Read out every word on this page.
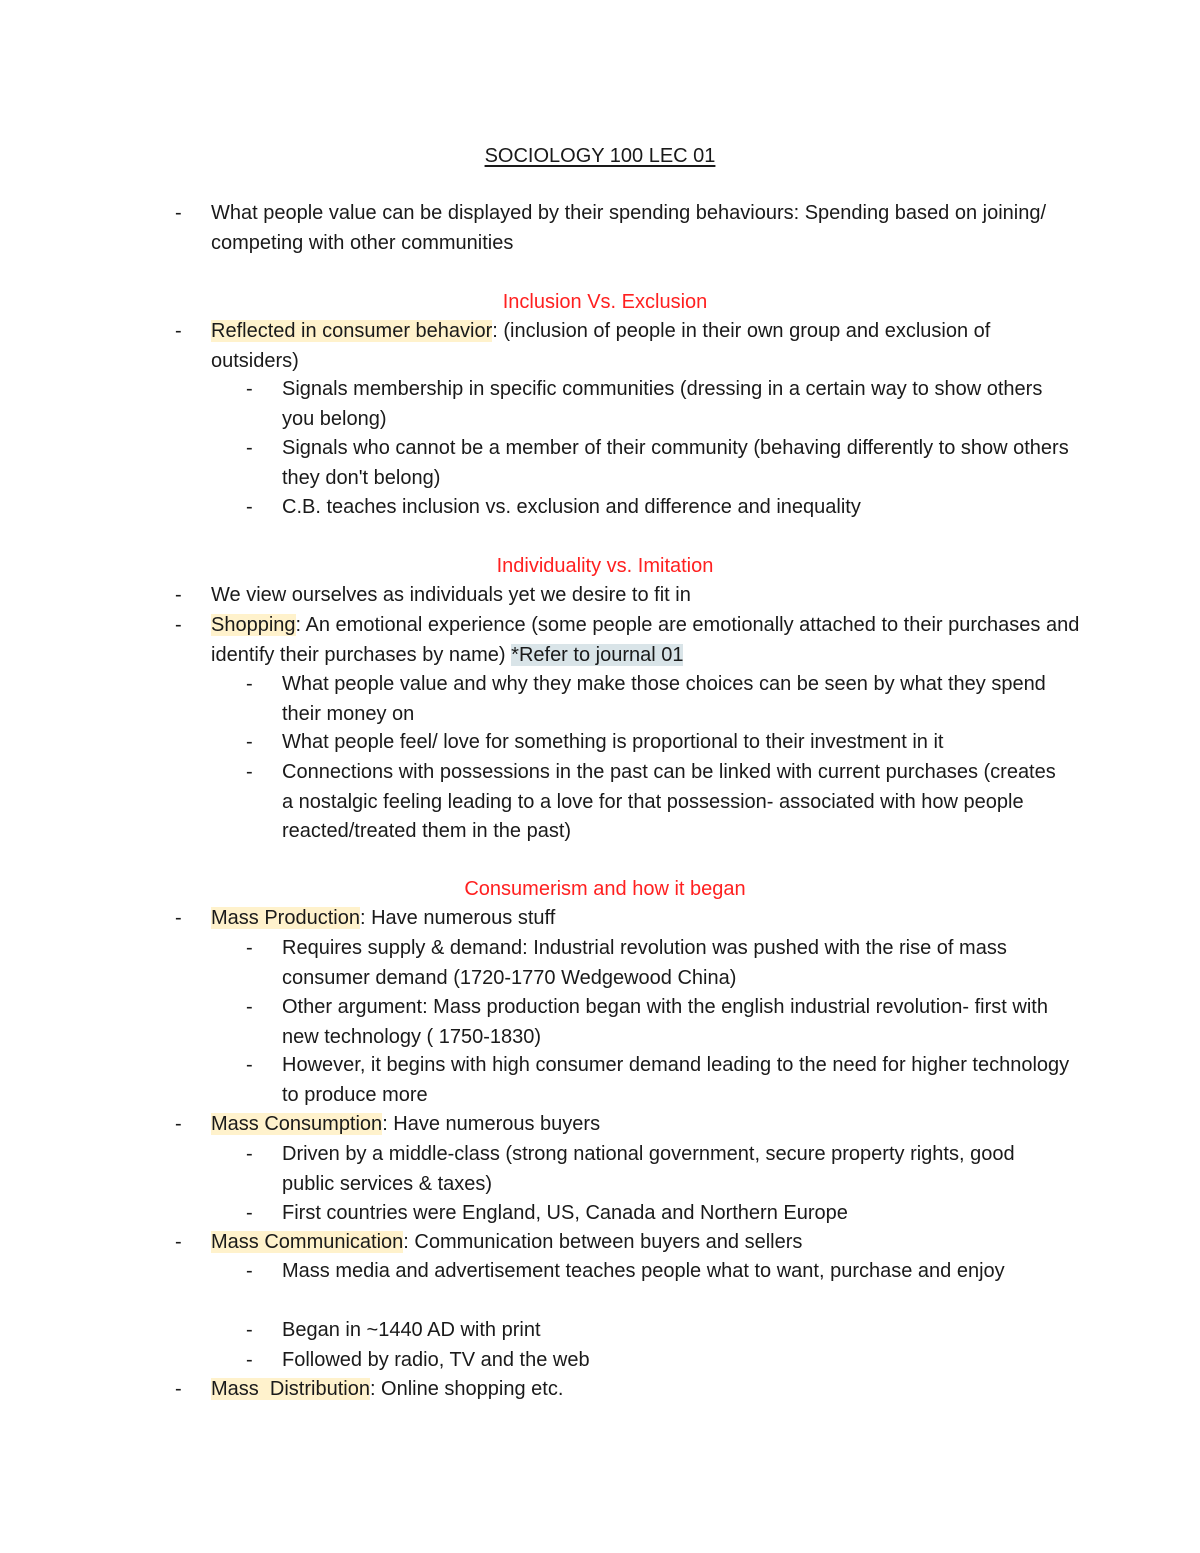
SOCIOLOGY 100 LEC 01
-	What people value can be displayed by their spending behaviours: Spending based on joining/ competing with other communities
Inclusion Vs. Exclusion
-	Reflected in consumer behavior: (inclusion of people in their own group and exclusion of outsiders)
-	Signals membership in specific communities (dressing in a certain way to show others you belong)
-	Signals who cannot be a member of their community (behaving differently to show others they don't belong)
-	C.B. teaches inclusion vs. exclusion and difference and inequality
Individuality vs. Imitation
-	We view ourselves as individuals yet we desire to fit in
-	Shopping: An emotional experience (some people are emotionally attached to their purchases and identify their purchases by name) *Refer to journal 01
-	What people value and why they make those choices can be seen by what they spend their money on
-	What people feel/ love for something is proportional to their investment in it
-	Connections with possessions in the past can be linked with current purchases (creates a nostalgic feeling leading to a love for that possession- associated with how people reacted/treated them in the past)
Consumerism and how it began
-	Mass Production: Have numerous stuff
-	Requires supply & demand: Industrial revolution was pushed with the rise of mass consumer demand (1720-1770 Wedgewood China)
-	Other argument: Mass production began with the english industrial revolution- first with new technology ( 1750-1830)
-	However, it begins with high consumer demand leading to the need for higher technology to produce more
-	Mass Consumption: Have numerous buyers
-	Driven by a middle-class (strong national government, secure property rights, good public services & taxes)
-	First countries were England, US, Canada and Northern Europe
-	Mass Communication: Communication between buyers and sellers
-	Mass media and advertisement teaches people what to want, purchase and enjoy
-	Began in ~1440 AD with print
-	Followed by radio, TV and the web
-	Mass  Distribution: Online shopping etc.
